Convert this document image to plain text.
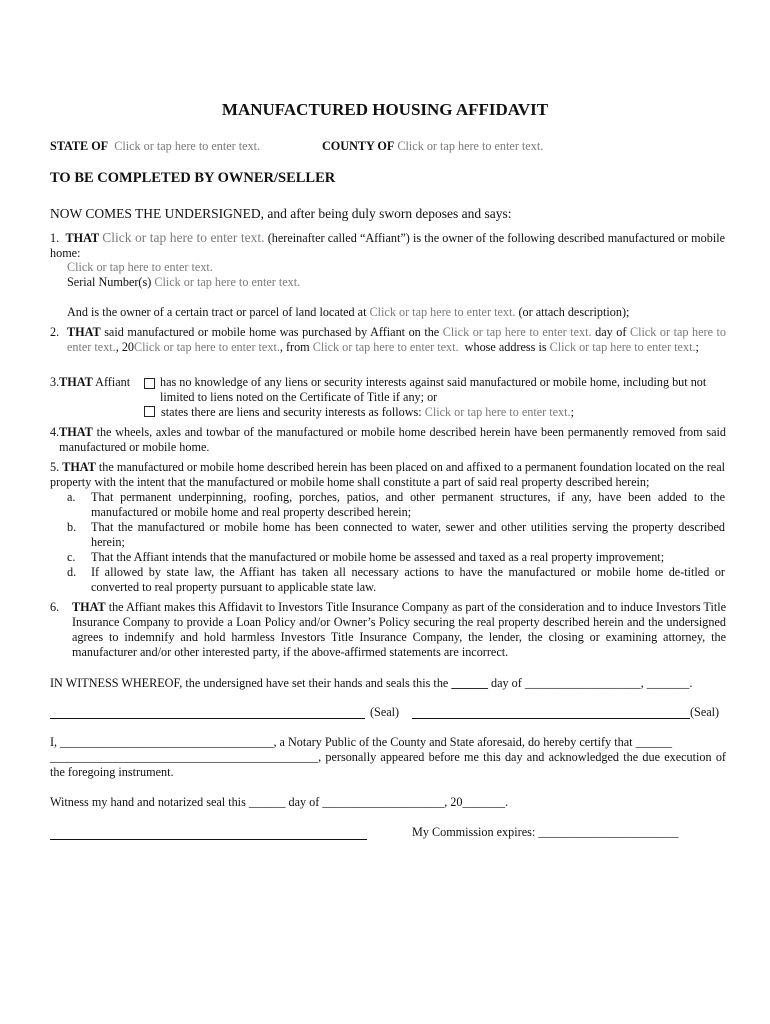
MANUFACTURED HOUSING AFFIDAVIT
STATE OF Click or tap here to enter text.	COUNTY OF Click or tap here to enter text.
TO BE COMPLETED BY OWNER/SELLER
NOW COMES THE UNDERSIGNED, and after being duly sworn deposes and says:
1. THAT Click or tap here to enter text. (hereinafter called “Affiant”) is the owner of the following described manufactured or mobile home:
Click or tap here to enter text.
Serial Number(s) Click or tap here to enter text.
And is the owner of a certain tract or parcel of land located at Click or tap here to enter text. (or attach description);
2. THAT said manufactured or mobile home was purchased by Affiant on the Click or tap here to enter text. day of Click or tap here to enter text., 20Click or tap here to enter text., from Click or tap here to enter text. whose address is Click or tap here to enter text.;
3.THAT Affiant has no knowledge of any liens or security interests against said manufactured or mobile home, including but not limited to liens noted on the Certificate of Title if any; or
states there are liens and security interests as follows: Click or tap here to enter text.;
4. THAT the wheels, axles and towbar of the manufactured or mobile home described herein have been permanently removed from said manufactured or mobile home.
5. THAT the manufactured or mobile home described herein has been placed on and affixed to a permanent foundation located on the real property with the intent that the manufactured or mobile home shall constitute a part of said real property described herein;
a.	That permanent underpinning, roofing, porches, patios, and other permanent structures, if any, have been added to the manufactured or mobile home and real property described herein;
b.	That the manufactured or mobile home has been connected to water, sewer and other utilities serving the property described herein;
c.	That the Affiant intends that the manufactured or mobile home be assessed and taxed as a real property improvement;
d.	If allowed by state law, the Affiant has taken all necessary actions to have the manufactured or mobile home de-titled or converted to real property pursuant to applicable state law.
6.	THAT the Affiant makes this Affidavit to Investors Title Insurance Company as part of the consideration and to induce Investors Title Insurance Company to provide a Loan Policy and/or Owner’s Policy securing the real property described herein and the undersigned agrees to indemnify and hold harmless Investors Title Insurance Company, the lender, the closing or examining attorney, the manufacturer and/or other interested party, if the above-affirmed statements are incorrect.
IN WITNESS WHEREOF, the undersigned have set their hands and seals this the ______ day of ___________________, _______.
(Seal)	(Seal)
I, ___________________________________, a Notary Public of the County and State aforesaid, do hereby certify that ______
____________________________________________, personally appeared before me this day and acknowledged the due execution of the foregoing instrument.
Witness my hand and notarized seal this ______ day of ____________________, 20_______.
My Commission expires: _______________________
